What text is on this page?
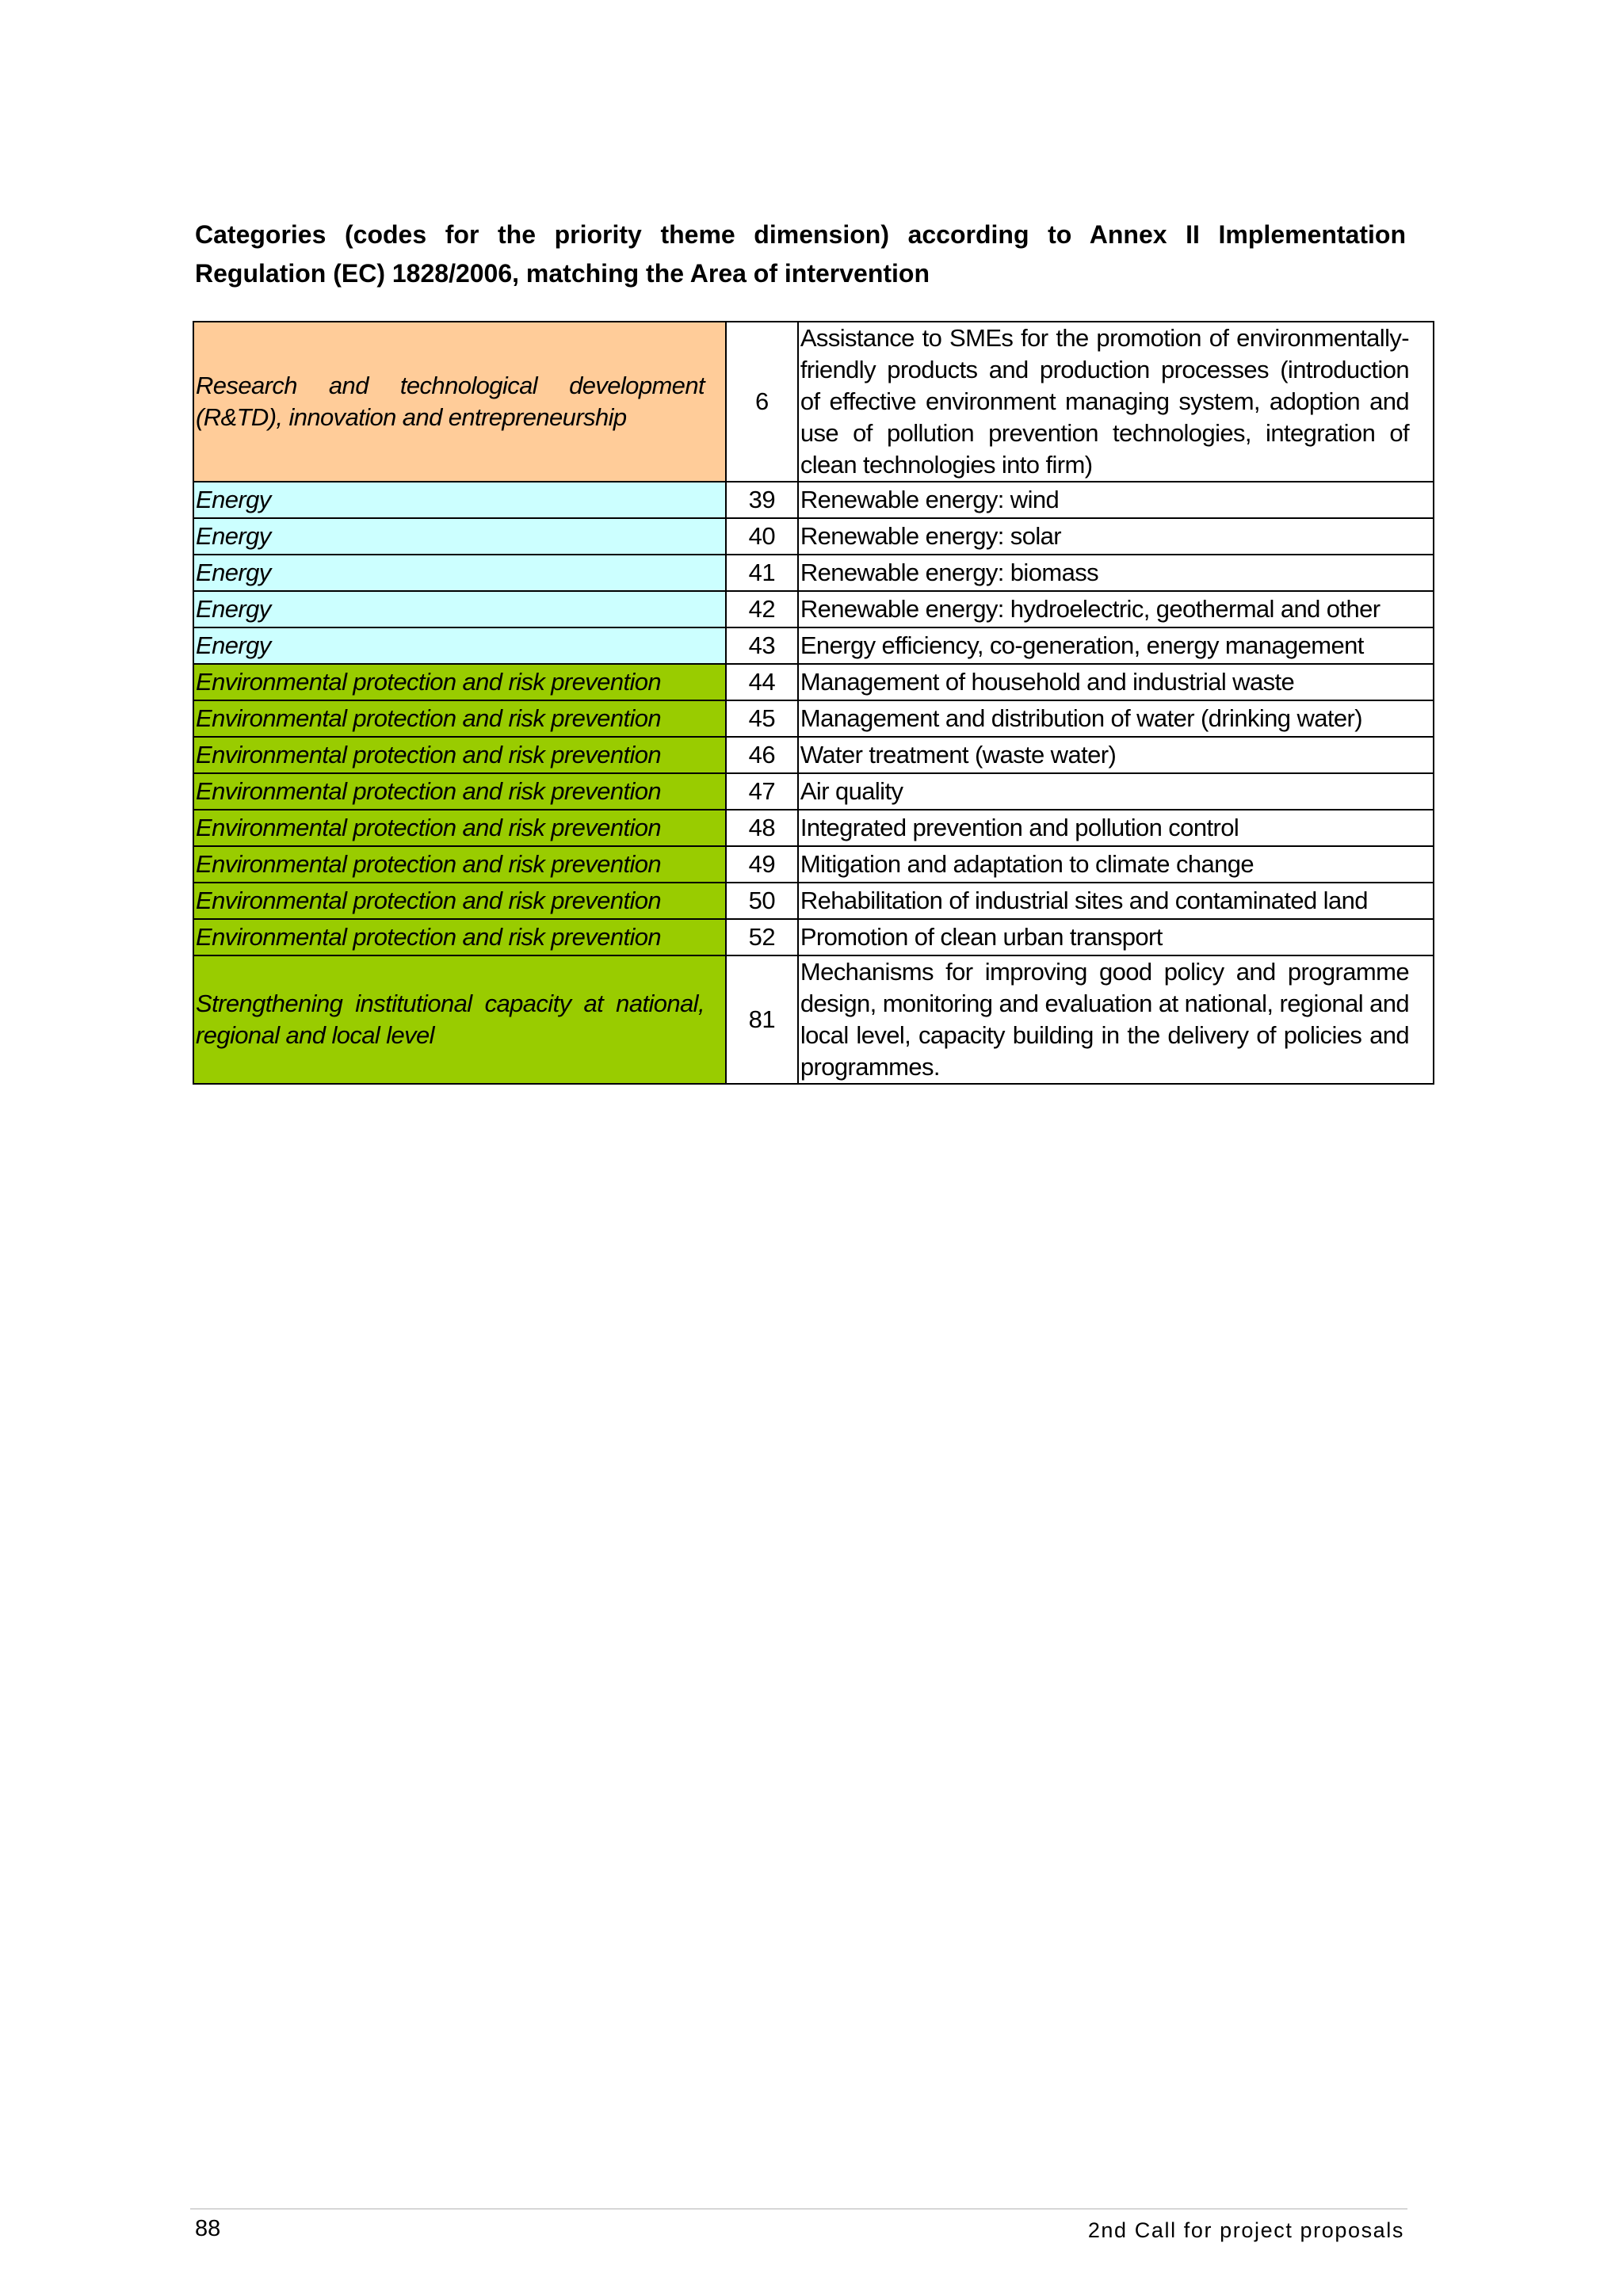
Categories (codes for the priority theme dimension) according to Annex II Implementation Regulation (EC) 1828/2006, matching the Area of intervention

Research and technological development (R&TD), innovation and entrepreneurship	6	Assistance to SMEs for the promotion of environmentally-friendly products and production processes (introduction of effective environment managing system, adoption and use of pollution prevention technologies, integration of clean technologies into firm)
Energy	39	Renewable energy: wind
Energy	40	Renewable energy: solar
Energy	41	Renewable energy: biomass
Energy	42	Renewable energy: hydroelectric, geothermal and other
Energy	43	Energy efficiency, co-generation, energy management
Environmental protection and risk prevention	44	Management of household and industrial waste
Environmental protection and risk prevention	45	Management and distribution of water (drinking water)
Environmental protection and risk prevention	46	Water treatment (waste water)
Environmental protection and risk prevention	47	Air quality
Environmental protection and risk prevention	48	Integrated prevention and pollution control
Environmental protection and risk prevention	49	Mitigation and adaptation to climate change
Environmental protection and risk prevention	50	Rehabilitation of industrial sites and contaminated land
Environmental protection and risk prevention	52	Promotion of clean urban transport
Strengthening institutional capacity at national, regional and local level	81	Mechanisms for improving good policy and programme design, monitoring and evaluation at national, regional and local level, capacity building in the delivery of policies and programmes.
88	2nd Call for project proposals
